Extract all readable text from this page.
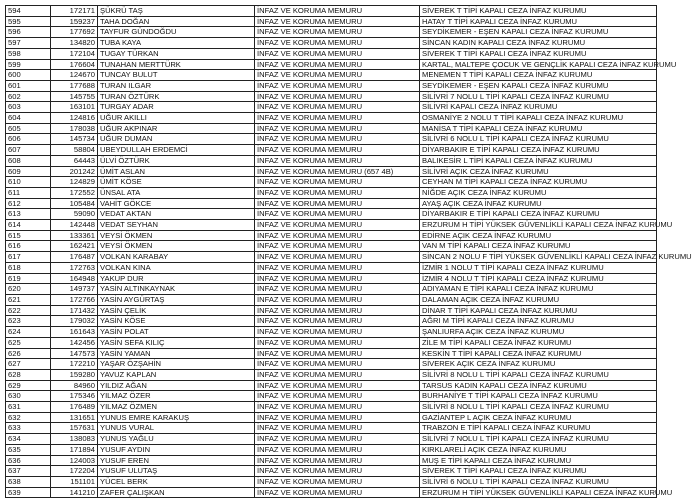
594	172171	ŞÜKRÜ TAŞ	İNFAZ VE KORUMA MEMURU	SİVEREK T TİPİ KAPALI CEZA İNFAZ KURUMU
595	159237	TAHA DOĞAN	İNFAZ VE KORUMA MEMURU	HATAY T TİPİ KAPALI CEZA İNFAZ KURUMU
596	177692	TAYFUR GÜNDOĞDU	İNFAZ VE KORUMA MEMURU	SEYDİKEMER - EŞEN KAPALI CEZA İNFAZ KURUMU
597	134820	TUBA KAYA	İNFAZ VE KORUMA MEMURU	SİNCAN KADIN KAPALI CEZA İNFAZ KURUMU
598	172104	TUGAY TÜRKAN	İNFAZ VE KORUMA MEMURU	SİVEREK T TİPİ KAPALI CEZA İNFAZ KURUMU
599	176604	TUNAHAN MERTTÜRK	İNFAZ VE KORUMA MEMURU	KARTAL, MALTEPE ÇOCUK VE GENÇLİK KAPALI CEZA İNFAZ KURUMU
600	124670	TUNCAY BULUT	İNFAZ VE KORUMA MEMURU	MENEMEN T TİPİ KAPALI CEZA İNFAZ KURUMU
601	177688	TURAN ILGAR	İNFAZ VE KORUMA MEMURU	SEYDİKEMER - EŞEN KAPALI CEZA İNFAZ KURUMU
602	145755	TURAN ÖZTÜRK	İNFAZ VE KORUMA MEMURU	SİLİVRİ 7 NOLU L TİPİ KAPALI CEZA İNFAZ KURUMU
603	163101	TURGAY ADAR	İNFAZ VE KORUMA MEMURU	SİLİVRİ KAPALI CEZA İNFAZ KURUMU
604	124816	UĞUR AKILLI	İNFAZ VE KORUMA MEMURU	OSMANİYE 2 NOLU T TİPİ KAPALI CEZA İNFAZ KURUMU
605	178038	UĞUR AKPINAR	İNFAZ VE KORUMA MEMURU	MANİSA T TİPİ KAPALI CEZA İNFAZ KURUMU
606	145734	UĞUR DUMAN	İNFAZ VE KORUMA MEMURU	SİLİVRİ 6 NOLU L TİPİ KAPALI CEZA İNFAZ KURUMU
607	58804	UBEYDULLAH ERDEMCİ	İNFAZ VE KORUMA MEMURU	DİYARBAKIR E TİPİ KAPALI CEZA İNFAZ KURUMU
608	64443	ÜLVİ ÖZTÜRK	İNFAZ VE KORUMA MEMURU	BALIKESİR L TİPİ KAPALI CEZA İNFAZ KURUMU
609	201242	ÜMİT ASLAN	İNFAZ VE KORUMA MEMURU (657 4B)	SİLİVRİ AÇIK CEZA İNFAZ KURUMU
610	124829	ÜMİT KÖSE	İNFAZ VE KORUMA MEMURU	CEYHAN M TİPİ KAPALI CEZA İNFAZ KURUMU
611	172552	ÜNSAL ATA	İNFAZ VE KORUMA MEMURU	NİĞDE AÇIK CEZA İNFAZ KURUMU
612	105484	VAHİT GÖKCE	İNFAZ VE KORUMA MEMURU	AYAŞ AÇIK CEZA İNFAZ KURUMU
613	59090	VEDAT AKTAN	İNFAZ VE KORUMA MEMURU	DİYARBAKIR E TİPİ KAPALI CEZA İNFAZ KURUMU
614	142448	VEDAT SEYHAN	İNFAZ VE KORUMA MEMURU	ERZURUM H TİPİ YÜKSEK GÜVENLİKLİ KAPALI CEZA İNFAZ KURUMU
615	133361	VEYSİ ÖKMEN	İNFAZ VE KORUMA MEMURU	EDİRNE AÇIK CEZA İNFAZ KURUMU
616	162421	VEYSİ ÖKMEN	İNFAZ VE KORUMA MEMURU	VAN M TİPİ KAPALI CEZA İNFAZ KURUMU
617	176487	VOLKAN KARABAY	İNFAZ VE KORUMA MEMURU	SİNCAN 2 NOLU F TİPİ YÜKSEK GÜVENLİKLİ KAPALI CEZA İNFAZ KURUMU
618	172763	VOLKAN KINA	İNFAZ VE KORUMA MEMURU	İZMİR 1 NOLU T TİPİ KAPALI CEZA İNFAZ KURUMU
619	164948	YAKUP DUR	İNFAZ VE KORUMA MEMURU	İZMİR 4 NOLU T TİPİ KAPALI CEZA İNFAZ KURUMU
620	149737	YASİN ALTINKAYNAK	İNFAZ VE KORUMA MEMURU	ADIYAMAN E TİPİ KAPALI CEZA İNFAZ KURUMU
621	172766	YASİN AYGÜRTAŞ	İNFAZ VE KORUMA MEMURU	DALAMAN AÇIK CEZA İNFAZ KURUMU
622	171432	YASİN ÇELİK	İNFAZ VE KORUMA MEMURU	DİNAR T TİPİ KAPALI CEZA İNFAZ KURUMU
623	179032	YASİN KÖSE	İNFAZ VE KORUMA MEMURU	AĞRI M TİPİ KAPALI CEZA İNFAZ KURUMU
624	161643	YASİN POLAT	İNFAZ VE KORUMA MEMURU	ŞANLIURFA AÇIK CEZA İNFAZ KURUMU
625	142456	YASİN SEFA KILIÇ	İNFAZ VE KORUMA MEMURU	ZİLE M TİPİ KAPALI CEZA İNFAZ KURUMU
626	147573	YASİN YAMAN	İNFAZ VE KORUMA MEMURU	KESKİN T TİPİ KAPALI CEZA İNFAZ KURUMU
627	172210	YAŞAR ÖZŞAHİN	İNFAZ VE KORUMA MEMURU	SİVEREK AÇIK CEZA İNFAZ KURUMU
628	159280	YAVUZ KAPLAN	İNFAZ VE KORUMA MEMURU	SİLİVRİ 8 NOLU L TİPİ KAPALI CEZA İNFAZ KURUMU
629	84960	YILDIZ AĞAN	İNFAZ VE KORUMA MEMURU	TARSUS KADIN KAPALI CEZA İNFAZ KURUMU
630	175346	YILMAZ ÖZER	İNFAZ VE KORUMA MEMURU	BURHANİYE T TİPİ KAPALI CEZA İNFAZ KURUMU
631	176489	YILMAZ ÖZMEN	İNFAZ VE KORUMA MEMURU	SİLİVRİ 8 NOLU L TİPİ KAPALI CEZA İNFAZ KURUMU
632	131651	YUNUS EMRE KARAKUŞ	İNFAZ VE KORUMA MEMURU	GAZİANTEP L AÇIK CEZA İNFAZ KURUMU
633	157631	YUNUS VURAL	İNFAZ VE KORUMA MEMURU	TRABZON E TİPİ KAPALI CEZA İNFAZ KURUMU
634	138083	YUNUS YAĞLU	İNFAZ VE KORUMA MEMURU	SİLİVRİ 7 NOLU L TİPİ KAPALI CEZA İNFAZ KURUMU
635	171894	YUSUF AYDIN	İNFAZ VE KORUMA MEMURU	KIRKLARELİ AÇIK CEZA İNFAZ KURUMU
636	124003	YUSUF EREN	İNFAZ VE KORUMA MEMURU	MUŞ E TİPİ KAPALI CEZA İNFAZ KURUMU
637	172204	YUSUF ULUTAŞ	İNFAZ VE KORUMA MEMURU	SİVEREK T TİPİ KAPALI CEZA İNFAZ KURUMU
638	151101	YÜCEL BERK	İNFAZ VE KORUMA MEMURU	SİLİVRİ 6 NOLU L TİPİ KAPALI CEZA İNFAZ KURUMU
639	141210	ZAFER ÇALIŞKAN	İNFAZ VE KORUMA MEMURU	ERZURUM H TİPİ YÜKSEK GÜVENLİKLİ KAPALI CEZA İNFAZ KURUMU
